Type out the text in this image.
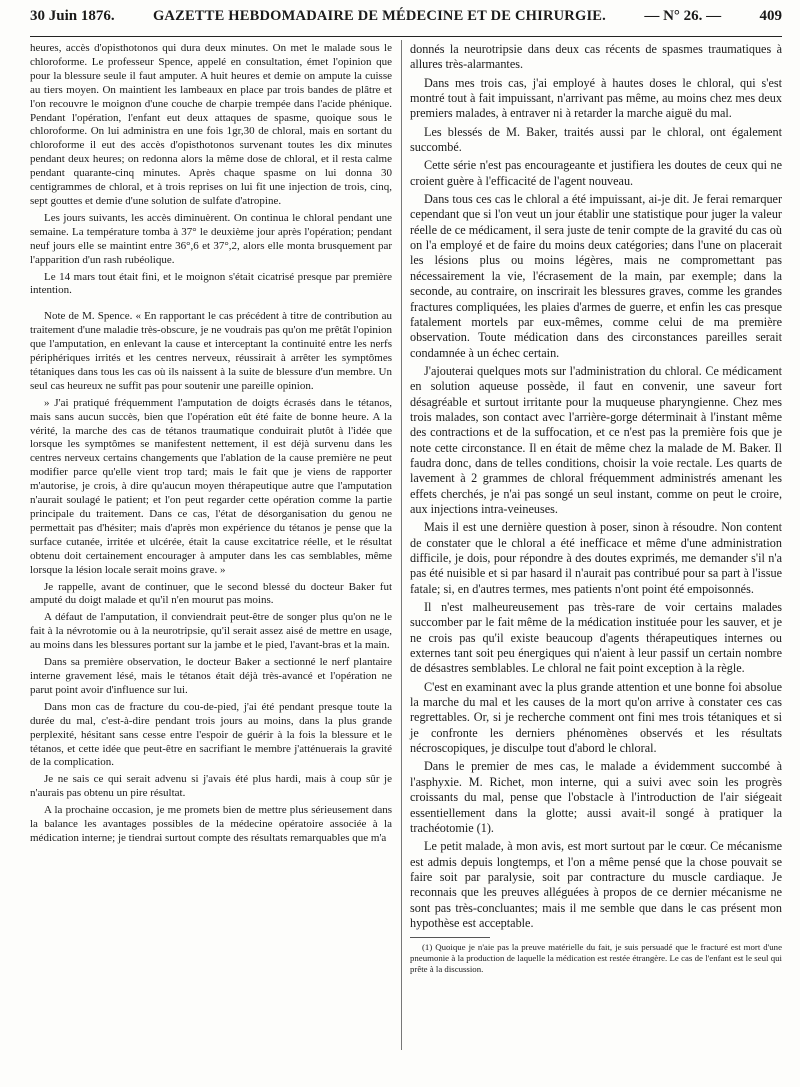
30 Juin 1876.	GAZETTE HEBDOMADAIRE DE MÉDECINE ET DE CHIRURGIE.	— N° 26. —	409

heures, accès d'opisthotonos qui dura deux minutes. On met le malade sous le chloroforme. Le professeur Spence, appelé en consultation, émet l'opinion que pour la blessure seule il faut amputer. A huit heures et demie on ampute la cuisse au tiers moyen. On maintient les lambeaux en place par trois bandes de plâtre et l'on recouvre le moignon d'une couche de charpie trempée dans l'acide phénique. Pendant l'opération, l'enfant eut deux attaques de spasme, quoique sous le chloroforme. On lui administra en une fois 1gr,30 de chloral, mais en sortant du chloroforme il eut des accès d'opisthotonos survenant toutes les dix minutes pendant deux heures; on redonna alors la même dose de chloral, et il resta calme pendant quarante-cinq minutes. Après chaque spasme on lui donna 30 centigrammes de chloral, et à trois reprises on lui fit une injection de trois, cinq, sept gouttes et demie d'une solution de sulfate d'atropine.

Les jours suivants, les accès diminuèrent. On continua le chloral pendant une semaine. La température tomba à 37° le deuxième jour après l'opération; pendant neuf jours elle se maintint entre 36°,6 et 37°,2, alors elle monta brusquement par l'apparition d'un rash rubéolique.

Le 14 mars tout était fini, et le moignon s'était cicatrisé presque par première intention.

Note de M. Spence. « En rapportant le cas précédent à titre de contribution au traitement d'une maladie très-obscure, je ne voudrais pas qu'on me prêtât l'opinion que l'amputation, en enlevant la cause et interceptant la continuité entre les nerfs périphériques irrités et les centres nerveux, réussirait à arrêter les symptômes tétaniques dans tous les cas où ils naissent à la suite de blessure d'un membre. Un seul cas heureux ne suffit pas pour soutenir une pareille opinion.

» J'ai pratiqué fréquemment l'amputation de doigts écrasés dans le tétanos, mais sans aucun succès, bien que l'opération eût été faite de bonne heure. A la vérité, la marche des cas de tétanos traumatique conduirait plutôt à l'idée que lorsque les symptômes se manifestent nettement, il est déjà survenu dans les centres nerveux certains changements que l'ablation de la cause première ne peut modifier parce qu'elle vient trop tard; mais le fait que je viens de rapporter m'autorise, je crois, à dire qu'aucun moyen thérapeutique autre que l'amputation n'aurait soulagé le patient; et l'on peut regarder cette opération comme la partie principale du traitement. Dans ce cas, l'état de désorganisation du genou ne permettait pas d'hésiter; mais d'après mon expérience du tétanos je pense que la surface cutanée, irritée et ulcérée, était la cause excitatrice réelle, et le résultat obtenu doit certainement encourager à amputer dans les cas semblables, même lorsque la lésion locale serait moins grave. »

Je rappelle, avant de continuer, que le second blessé du docteur Baker fut amputé du doigt malade et qu'il n'en mourut pas moins.

A défaut de l'amputation, il conviendrait peut-être de songer plus qu'on ne le fait à la névrotomie ou à la neurotripsie, qu'il serait assez aisé de mettre en usage, au moins dans les blessures portant sur la jambe et le pied, l'avant-bras et la main.

Dans sa première observation, le docteur Baker a sectionné le nerf plantaire interne gravement lésé, mais le tétanos était déjà très-avancé et l'opération ne parut point avoir d'influence sur lui.

Dans mon cas de fracture du cou-de-pied, j'ai été pendant presque toute la durée du mal, c'est-à-dire pendant trois jours au moins, dans la plus grande perplexité, hésitant sans cesse entre l'espoir de guérir à la fois la blessure et le tétanos, et cette idée que peut-être en sacrifiant le membre j'atténuerais la gravité de la complication.

Je ne sais ce qui serait advenu si j'avais été plus hardi, mais à coup sûr je n'aurais pas obtenu un pire résultat.

A la prochaine occasion, je me promets bien de mettre plus sérieusement dans la balance les avantages possibles de la médecine opératoire associée à la médication interne; je tiendrai surtout compte des résultats remarquables que m'a

donnés la neurotripsie dans deux cas récents de spasmes traumatiques à allures très-alarmantes.

Dans mes trois cas, j'ai employé à hautes doses le chloral, qui s'est montré tout à fait impuissant, n'arrivant pas même, au moins chez mes deux premiers malades, à entraver ni à retarder la marche aiguë du mal.

Les blessés de M. Baker, traités aussi par le chloral, ont également succombé.

Cette série n'est pas encourageante et justifiera les doutes de ceux qui ne croient guère à l'efficacité de l'agent nouveau.

Dans tous ces cas le chloral a été impuissant, ai-je dit. Je ferai remarquer cependant que si l'on veut un jour établir une statistique pour juger la valeur réelle de ce médicament, il sera juste de tenir compte de la gravité du cas où on l'a employé et de faire du moins deux catégories; dans l'une on placerait les lésions plus ou moins légères, mais ne compromettant pas nécessairement la vie, l'écrasement de la main, par exemple; dans la seconde, au contraire, on inscrirait les blessures graves, comme les grandes fractures compliquées, les plaies d'armes de guerre, et enfin les cas presque fatalement mortels par eux-mêmes, comme celui de ma première observation. Toute médication dans des circonstances pareilles serait condamnée à un échec certain.

J'ajouterai quelques mots sur l'administration du chloral. Ce médicament en solution aqueuse possède, il faut en convenir, une saveur fort désagréable et surtout irritante pour la muqueuse pharyngienne. Chez mes trois malades, son contact avec l'arrière-gorge déterminait à l'instant même des contractions et de la suffocation, et ce n'est pas la première fois que je note cette circonstance. Il en était de même chez la malade de M. Baker. Il faudra donc, dans de telles conditions, choisir la voie rectale. Les quarts de lavement à 2 grammes de chloral fréquemment administrés amenant les effets cherchés, je n'ai pas songé un seul instant, comme on peut le croire, aux injections intra-veineuses.

Mais il est une dernière question à poser, sinon à résoudre. Non content de constater que le chloral a été inefficace et même d'une administration difficile, je dois, pour répondre à des doutes exprimés, me demander s'il n'a pas été nuisible et si par hasard il n'aurait pas contribué pour sa part à l'issue fatale; si, en d'autres termes, mes patients n'ont point été empoisonnés.

Il n'est malheureusement pas très-rare de voir certains malades succomber par le fait même de la médication instituée pour les sauver, et je ne crois pas qu'il existe beaucoup d'agents thérapeutiques internes ou externes tant soit peu énergiques qui n'aient à leur passif un certain nombre de désastres semblables. Le chloral ne fait point exception à la règle.

C'est en examinant avec la plus grande attention et une bonne foi absolue la marche du mal et les causes de la mort qu'on arrive à constater ces cas regrettables. Or, si je recherche comment ont fini mes trois tétaniques et si je confronte les derniers phénomènes observés et les résultats nécroscopiques, je disculpe tout d'abord le chloral.

Dans le premier de mes cas, le malade a évidemment succombé à l'asphyxie. M. Richet, mon interne, qui a suivi avec soin les progrès croissants du mal, pense que l'obstacle à l'introduction de l'air siégeait essentiellement dans la glotte; aussi avait-il songé à pratiquer la trachéotomie (1).

Le petit malade, à mon avis, est mort surtout par le cœur. Ce mécanisme est admis depuis longtemps, et l'on a même pensé que la chose pouvait se faire soit par paralysie, soit par contracture du muscle cardiaque. Je reconnais que les preuves alléguées à propos de ce dernier mécanisme ne sont pas très-concluantes; mais il me semble que dans le cas présent mon hypothèse est acceptable.

(1) Quoique je n'aie pas la preuve matérielle du fait, je suis persuadé que le fracturé est mort d'une pneumonie à la production de laquelle la médication est restée étrangère. Le cas de l'enfant est le seul qui prête à la discussion.
